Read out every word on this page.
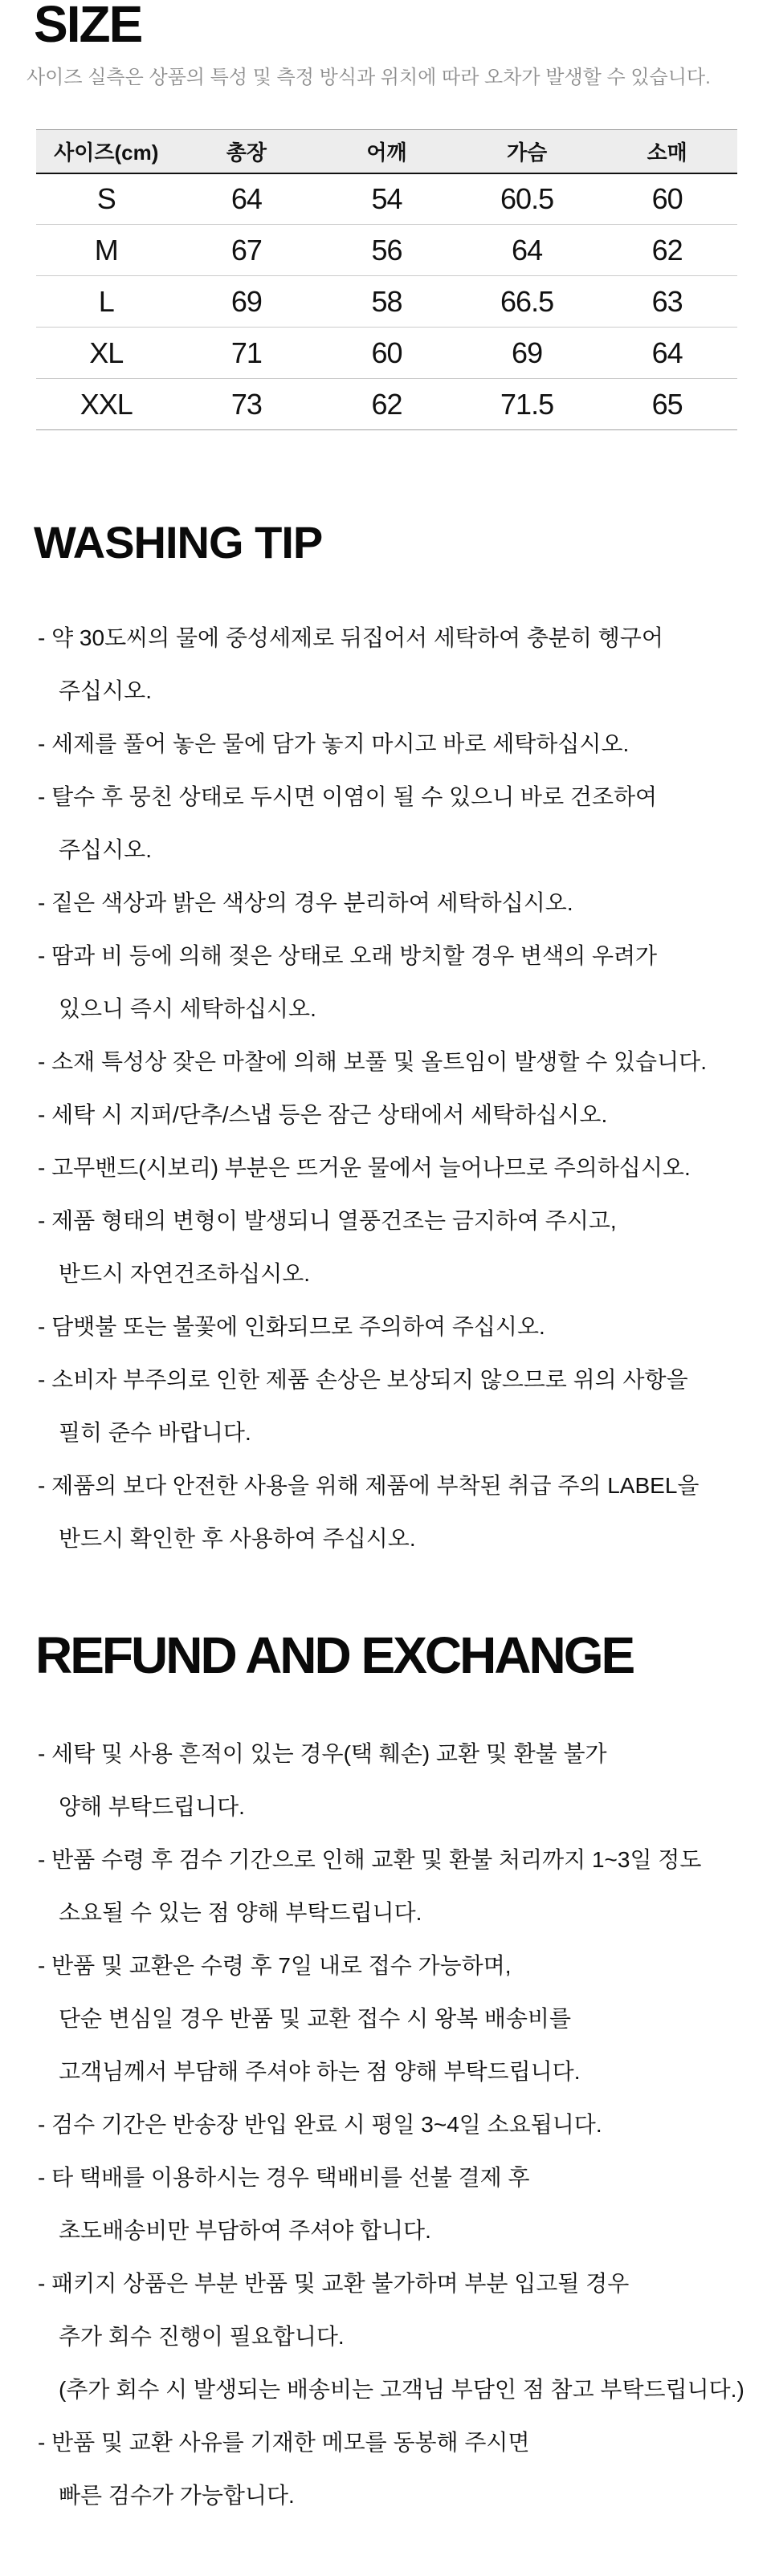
SIZE
사이즈 실측은 상품의 특성 및 측정 방식과 위치에 따라 오차가 발생할 수 있습니다.
사이즈(cm)	총장	어깨	가슴	소매
S	64	54	60.5	60
M	67	56	64	62
L	69	58	66.5	63
XL	71	60	69	64
XXL	73	62	71.5	65
WASHING TIP
- 약 30도씨의 물에 중성세제로 뒤집어서 세탁하여 충분히 헹구어
주십시오.
- 세제를 풀어 놓은 물에 담가 놓지 마시고 바로 세탁하십시오.
- 탈수 후 뭉친 상태로 두시면 이염이 될 수 있으니 바로 건조하여
주십시오.
- 짙은 색상과 밝은 색상의 경우 분리하여 세탁하십시오.
- 땀과 비 등에 의해 젖은 상태로 오래 방치할 경우 변색의 우려가
있으니 즉시 세탁하십시오.
- 소재 특성상 잦은 마찰에 의해 보풀 및 올트임이 발생할 수 있습니다.
- 세탁 시 지퍼/단추/스냅 등은 잠근 상태에서 세탁하십시오.
- 고무밴드(시보리) 부분은 뜨거운 물에서 늘어나므로 주의하십시오.
- 제품 형태의 변형이 발생되니 열풍건조는 금지하여 주시고,
반드시 자연건조하십시오.
- 담뱃불 또는 불꽃에 인화되므로 주의하여 주십시오.
- 소비자 부주의로 인한 제품 손상은 보상되지 않으므로 위의 사항을
필히 준수 바랍니다.
- 제품의 보다 안전한 사용을 위해 제품에 부착된 취급 주의 LABEL을
반드시 확인한 후 사용하여 주십시오.
REFUND AND EXCHANGE
- 세탁 및 사용 흔적이 있는 경우(택 훼손) 교환 및 환불 불가
양해 부탁드립니다.
- 반품 수령 후 검수 기간으로 인해 교환 및 환불 처리까지 1~3일 정도
소요될 수 있는 점 양해 부탁드립니다.
- 반품 및 교환은 수령 후 7일 내로 접수 가능하며,
단순 변심일 경우 반품 및 교환 접수 시 왕복 배송비를
고객님께서 부담해 주셔야 하는 점 양해 부탁드립니다.
- 검수 기간은 반송장 반입 완료 시 평일 3~4일 소요됩니다.
- 타 택배를 이용하시는 경우 택배비를 선불 결제 후
초도배송비만 부담하여 주셔야 합니다.
- 패키지 상품은 부분 반품 및 교환 불가하며 부분 입고될 경우
추가 회수 진행이 필요합니다.
(추가 회수 시 발생되는 배송비는 고객님 부담인 점 참고 부탁드립니다.)
- 반품 및 교환 사유를 기재한 메모를 동봉해 주시면
빠른 검수가 가능합니다.
